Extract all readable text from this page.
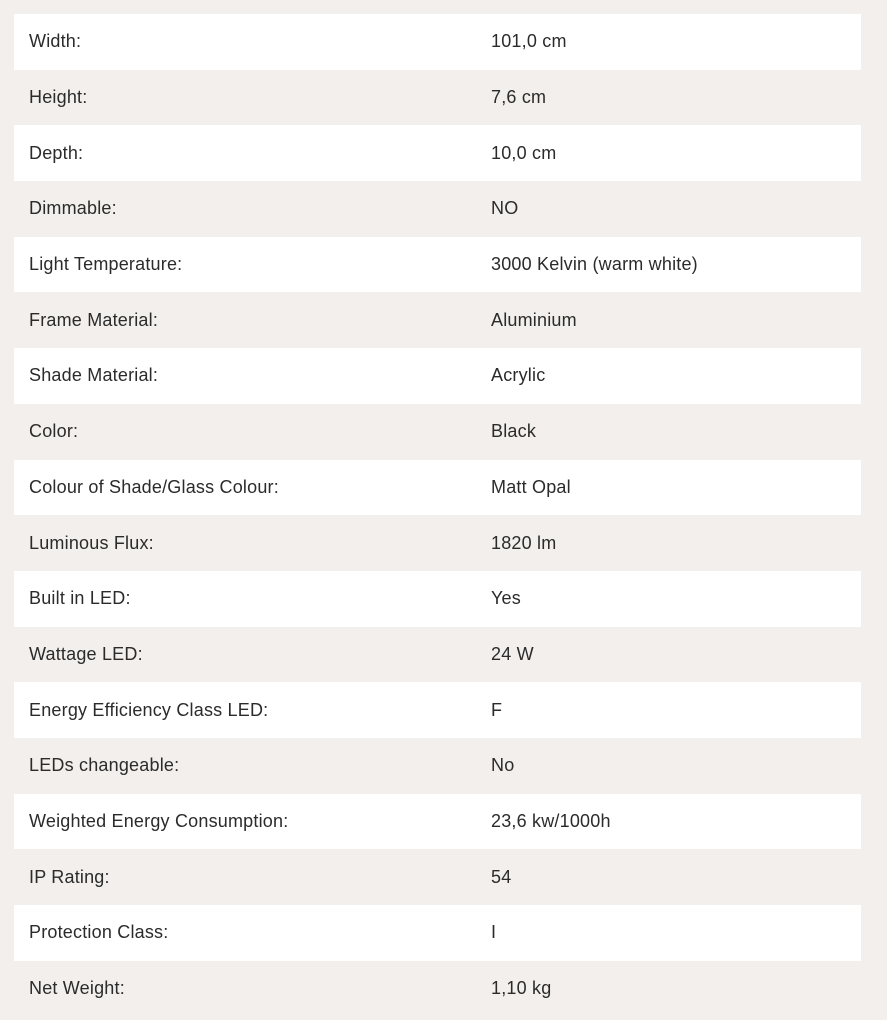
Width:	101,0 cm
Height:	7,6 cm
Depth:	10,0 cm
Dimmable:	NO
Light Temperature:	3000 Kelvin (warm white)
Frame Material:	Aluminium
Shade Material:	Acrylic
Color:	Black
Colour of Shade/Glass Colour:	Matt Opal
Luminous Flux:	1820 lm
Built in LED:	Yes
Wattage LED:	24 W
Energy Efficiency Class LED:	F
LEDs changeable:	No
Weighted Energy Consumption:	23,6 kw/1000h
IP Rating:	54
Protection Class:	I
Net Weight:	1,10 kg
